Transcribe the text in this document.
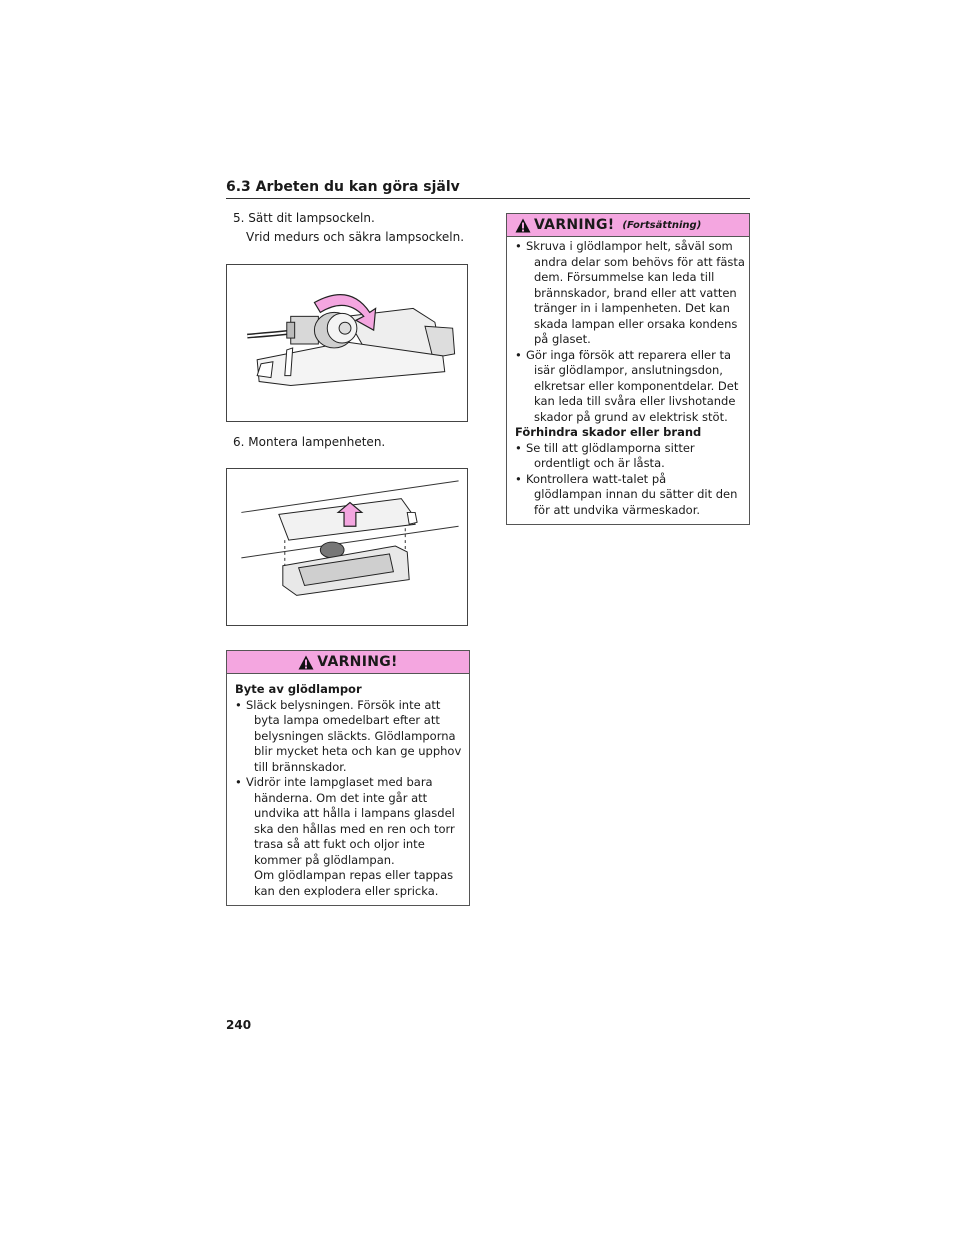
6.3 Arbeten du kan göra själv
5. Sätt dit lampsockeln.
Vrid medurs och säkra lampsockeln.
6. Montera lampenheten.
VARNING!
Byte av glödlampor
• Släck belysningen. Försök inte att
byta lampa omedelbart efter att
belysningen släckts. Glödlamporna
blir mycket heta och kan ge upphov
till brännskador.
• Vidrör inte lampglaset med bara
händerna. Om det inte går att
undvika att hålla i lampans glasdel
ska den hållas med en ren och torr
trasa så att fukt och oljor inte
kommer på glödlampan.
Om glödlampan repas eller tappas
kan den explodera eller spricka.
VARNING! (Fortsättning)
• Skruva i glödlampor helt, såväl som
andra delar som behövs för att fästa
dem. Försummelse kan leda till
brännskador, brand eller att vatten
tränger in i lampenheten. Det kan
skada lampan eller orsaka kondens
på glaset.
• Gör inga försök att reparera eller ta
isär glödlampor, anslutningsdon,
elkretsar eller komponentdelar. Det
kan leda till svåra eller livshotande
skador på grund av elektrisk stöt.
Förhindra skador eller brand
• Se till att glödlamporna sitter
ordentligt och är låsta.
• Kontrollera watt-talet på
glödlampan innan du sätter dit den
för att undvika värmeskador.
240
